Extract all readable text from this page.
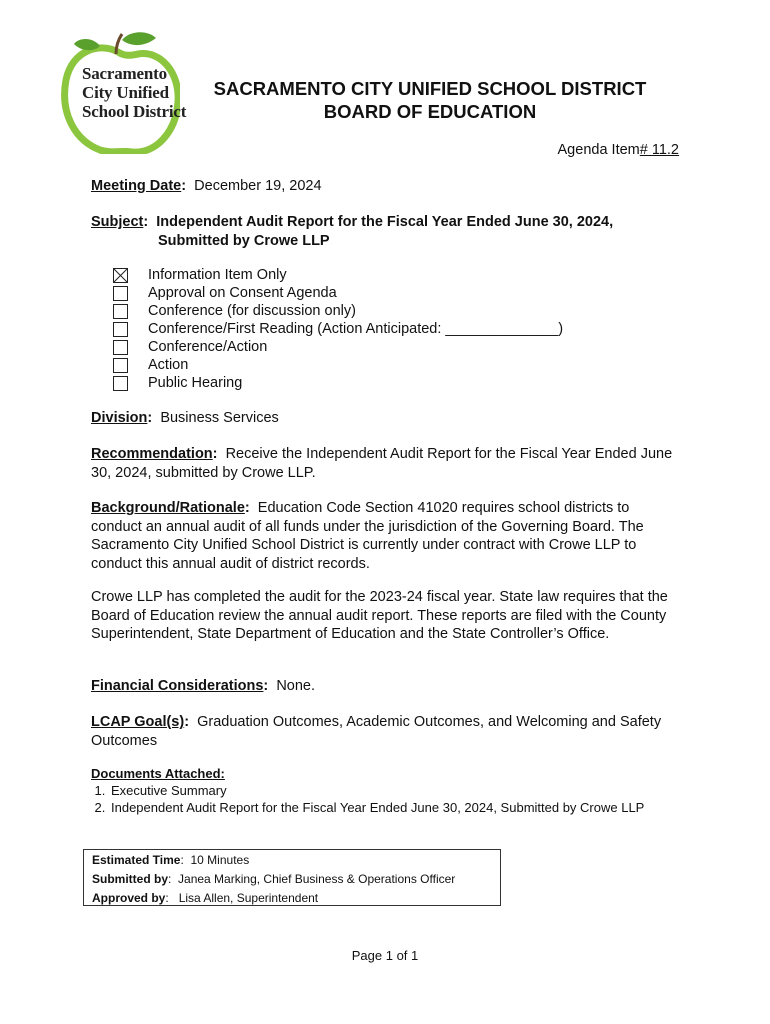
Sacramento
City Unified
School District
SACRAMENTO CITY UNIFIED SCHOOL DISTRICT
BOARD OF EDUCATION
Agenda Item# 11.2
Meeting Date: December 19, 2024
Subject: Independent Audit Report for the Fiscal Year Ended June 30, 2024,
Submitted by Crowe LLP
Information Item Only
Approval on Consent Agenda
Conference (for discussion only)
Conference/First Reading (Action Anticipated: ______________)
Conference/Action
Action
Public Hearing
Division: Business Services
Recommendation: Receive the Independent Audit Report for the Fiscal Year Ended June 30, 2024, submitted by Crowe LLP.
Background/Rationale: Education Code Section 41020 requires school districts to conduct an annual audit of all funds under the jurisdiction of the Governing Board. The Sacramento City Unified School District is currently under contract with Crowe LLP to conduct this annual audit of district records.
Crowe LLP has completed the audit for the 2023-24 fiscal year. State law requires that the Board of Education review the annual audit report. These reports are filed with the County Superintendent, State Department of Education and the State Controller’s Office.
Financial Considerations: None.
LCAP Goal(s): Graduation Outcomes, Academic Outcomes, and Welcoming and Safety Outcomes
Documents Attached:
1. Executive Summary
2. Independent Audit Report for the Fiscal Year Ended June 30, 2024, Submitted by Crowe LLP
Estimated Time:  10 Minutes
Submitted by:  Janea Marking, Chief Business & Operations Officer
Approved by:   Lisa Allen, Superintendent
Page 1 of 1
